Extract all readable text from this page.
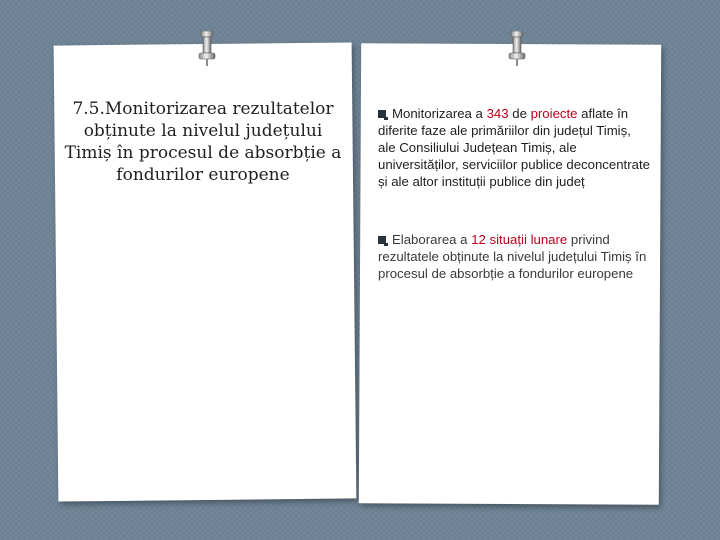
7.5.Monitorizarea rezultatelor obținute la nivelul județului Timiș în procesul de absorbție a fondurilor europene
Monitorizarea a 343 de proiecte aflate în diferite faze ale primăriilor din județul Timiș, ale Consiliului Județean Timiș, ale universităților, serviciilor publice deconcentrate și ale altor instituții publice din județ
Elaborarea a 12 situații lunare privind rezultatele obținute la nivelul județului Timiș în procesul de absorbție a fondurilor europene
